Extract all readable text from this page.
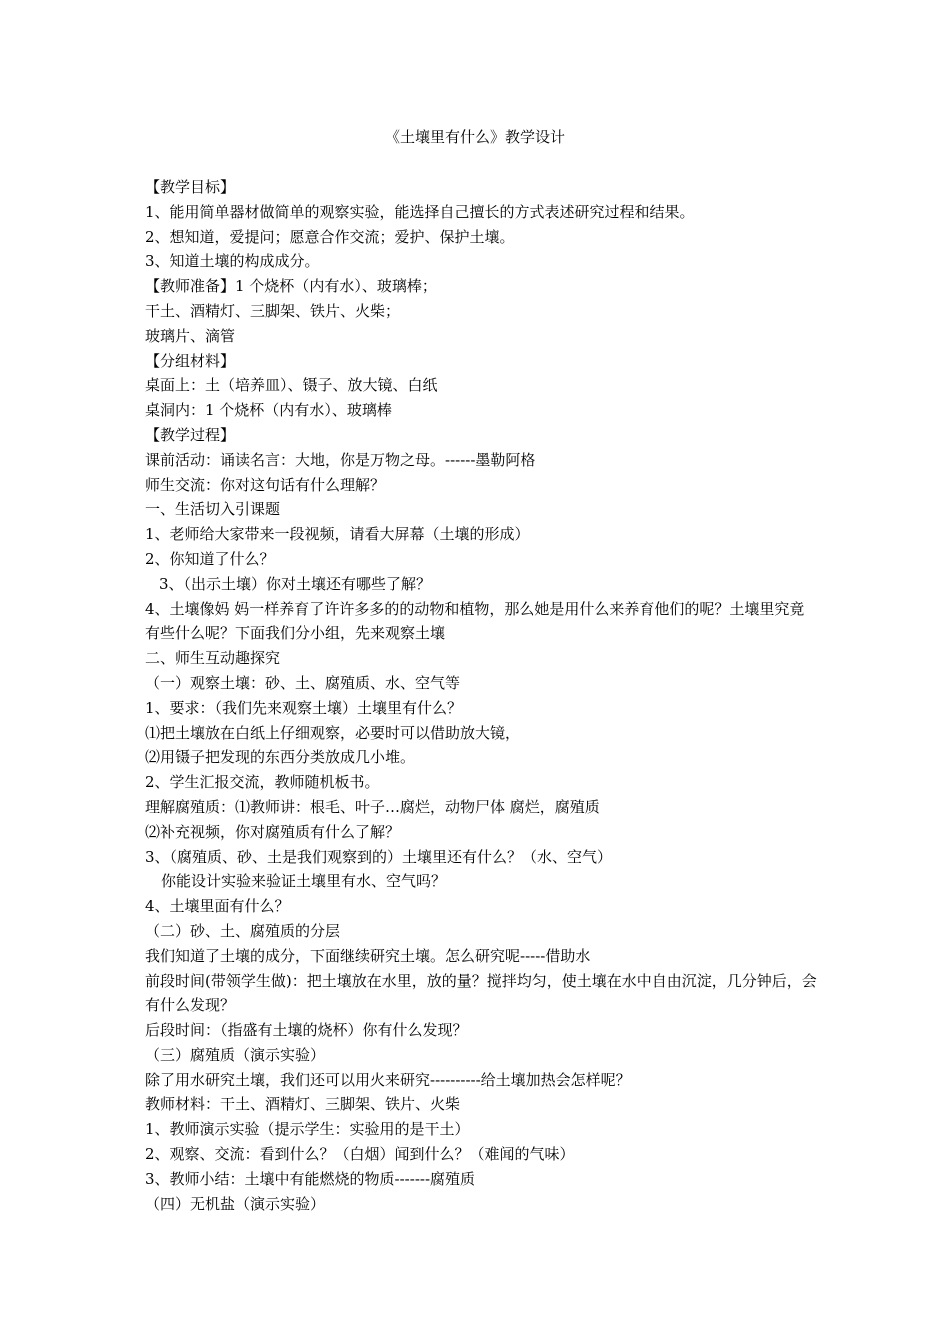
《土壤里有什么》教学设计
【教学目标】
1、能用简单器材做简单的观察实验，能选择自己擅长的方式表述研究过程和结果。
2、想知道，爱提问；愿意合作交流；爱护、保护土壤。
3、知道土壤的构成成分。
【教师准备】1 个烧杯（内有水）、玻璃棒；
干土、酒精灯、三脚架、铁片、火柴；
玻璃片、滴管
【分组材料】
桌面上：土（培养皿）、镊子、放大镜、白纸
桌洞内：1 个烧杯（内有水）、玻璃棒
【教学过程】
课前活动：诵读名言：大地，你是万物之母。------墨勒阿格
师生交流：你对这句话有什么理解？
一、生活切入引课题
1、老师给大家带来一段视频，请看大屏幕（土壤的形成）
2、你知道了什么？
3、（出示土壤）你对土壤还有哪些了解？
4、土壤像妈 妈一样养育了许许多多的的动物和植物，那么她是用什么来养育他们的呢？土壤里究竟有些什么呢？下面我们分小组，先来观察土壤
二、师生互动趣探究
（一）观察土壤：砂、土、腐殖质、水、空气等
1、要求：（我们先来观察土壤）土壤里有什么？
⑴把土壤放在白纸上仔细观察，必要时可以借助放大镜，
⑵用镊子把发现的东西分类放成几小堆。
2、学生汇报交流，教师随机板书。
理解腐殖质：⑴教师讲：根毛、叶子…腐烂，动物尸体 腐烂，腐殖质
⑵补充视频，你对腐殖质有什么了解？
3、（腐殖质、砂、土是我们观察到的）土壤里还有什么？（水、空气）
你能设计实验来验证土壤里有水、空气吗？
4、土壤里面有什么？
（二）砂、土、腐殖质的分层
我们知道了土壤的成分，下面继续研究土壤。怎么研究呢-----借助水
前段时间(带领学生做)：把土壤放在水里，放的量？搅拌均匀，使土壤在水中自由沉淀，几分钟后，会有什么发现？
后段时间：（指盛有土壤的烧杯）你有什么发现？
（三）腐殖质（演示实验）
除了用水研究土壤，我们还可以用火来研究----------给土壤加热会怎样呢？
教师材料：干土、酒精灯、三脚架、铁片、火柴
1、教师演示实验（提示学生：实验用的是干土）
2、观察、交流：看到什么？（白烟）闻到什么？（难闻的气味）
3、教师小结：土壤中有能燃烧的物质-------腐殖质
（四）无机盐（演示实验）
